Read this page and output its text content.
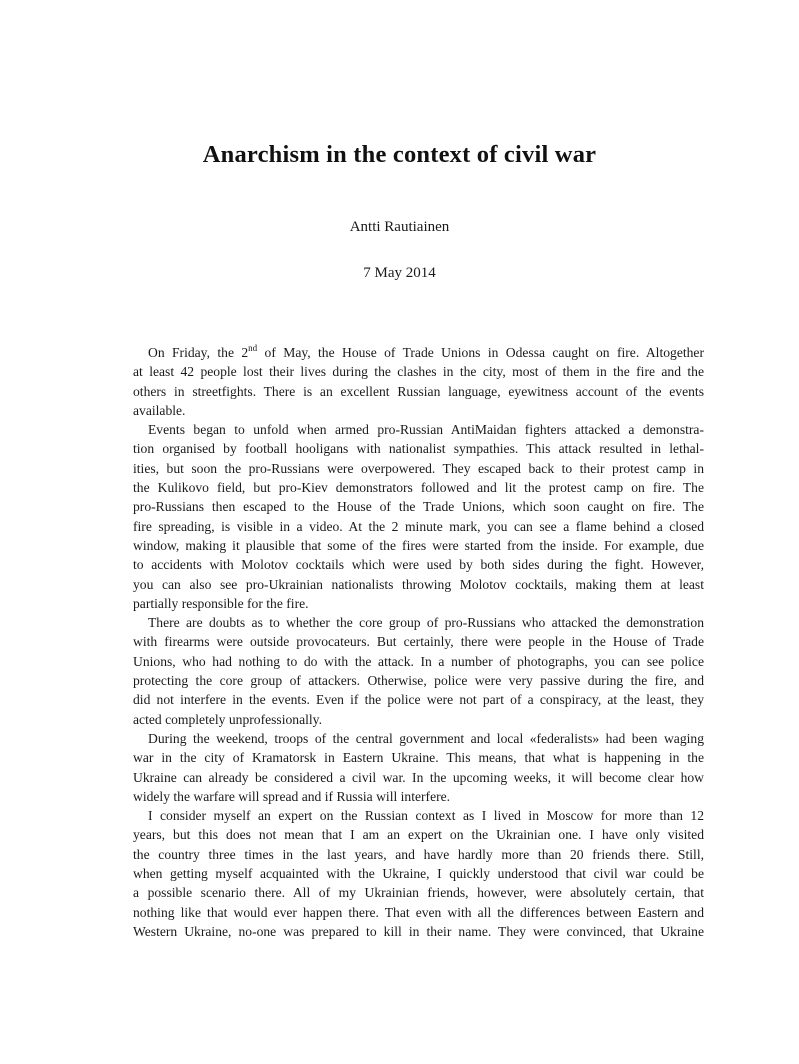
Anarchism in the context of civil war
Antti Rautiainen
7 May 2014

On Friday, the 2nd of May, the House of Trade Unions in Odessa caught on fire. Altogether
at least 42 people lost their lives during the clashes in the city, most of them in the fire and the
others in streetfights. There is an excellent Russian language, eyewitness account of the events
available.

Events began to unfold when armed pro-Russian AntiMaidan fighters attacked a demonstra-
tion organised by football hooligans with nationalist sympathies. This attack resulted in lethal-
ities, but soon the pro-Russians were overpowered. They escaped back to their protest camp in
the Kulikovo field, but pro-Kiev demonstrators followed and lit the protest camp on fire. The
pro-Russians then escaped to the House of the Trade Unions, which soon caught on fire. The
fire spreading, is visible in a video. At the 2 minute mark, you can see a flame behind a closed
window, making it plausible that some of the fires were started from the inside. For example, due
to accidents with Molotov cocktails which were used by both sides during the fight. However,
you can also see pro-Ukrainian nationalists throwing Molotov cocktails, making them at least
partially responsible for the fire.

There are doubts as to whether the core group of pro-Russians who attacked the demonstration
with firearms were outside provocateurs. But certainly, there were people in the House of Trade
Unions, who had nothing to do with the attack. In a number of photographs, you can see police
protecting the core group of attackers. Otherwise, police were very passive during the fire, and
did not interfere in the events. Even if the police were not part of a conspiracy, at the least, they
acted completely unprofessionally.

During the weekend, troops of the central government and local «federalists» had been waging
war in the city of Kramatorsk in Eastern Ukraine. This means, that what is happening in the
Ukraine can already be considered a civil war. In the upcoming weeks, it will become clear how
widely the warfare will spread and if Russia will interfere.

I consider myself an expert on the Russian context as I lived in Moscow for more than 12
years, but this does not mean that I am an expert on the Ukrainian one. I have only visited
the country three times in the last years, and have hardly more than 20 friends there. Still,
when getting myself acquainted with the Ukraine, I quickly understood that civil war could be
a possible scenario there. All of my Ukrainian friends, however, were absolutely certain, that
nothing like that would ever happen there. That even with all the differences between Eastern and
Western Ukraine, no-one was prepared to kill in their name. They were convinced, that Ukraine
